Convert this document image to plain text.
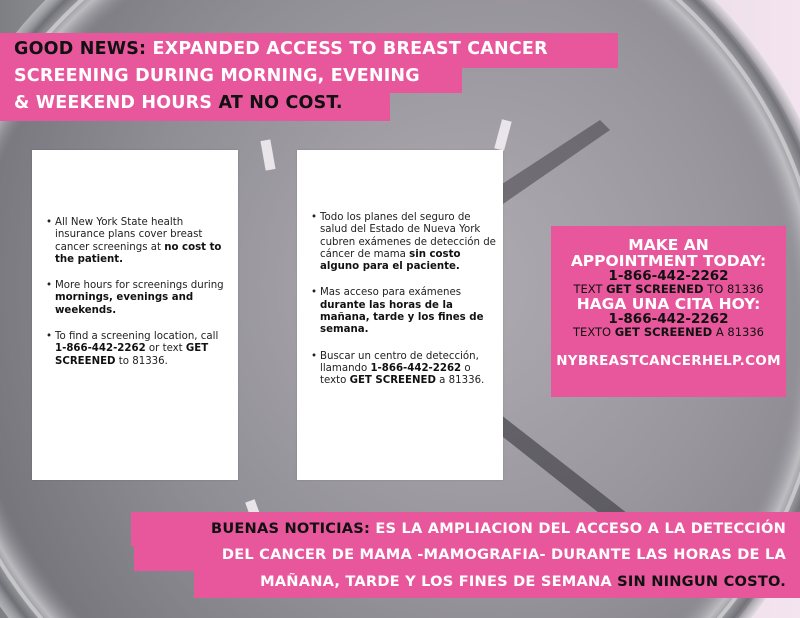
GOOD NEWS: EXPANDED ACCESS TO BREAST CANCER
SCREENING DURING MORNING, EVENING
& WEEKEND HOURS AT NO COST.
• All New York State health insurance plans cover breast cancer screenings at no cost to the patient.
• More hours for screenings during mornings, evenings and weekends.
• To find a screening location, call 1-866-442-2262 or text GET SCREENED to 81336.
• Todo los planes del seguro de salud del Estado de Nueva York cubren exámenes de detección de cáncer de mama sin costo alguno para el paciente.
• Mas acceso para exámenes durante las horas de la mañana, tarde y los fines de semana.
• Buscar un centro de detección, llamando 1-866-442-2262 o texto GET SCREENED a 81336.
MAKE AN
APPOINTMENT TODAY:
1-866-442-2262
TEXT GET SCREENED TO 81336
HAGA UNA CITA HOY:
1-866-442-2262
TEXTO GET SCREENED A 81336
NYBREASTCANCERHELP.COM
BUENAS NOTICIAS: ES LA AMPLIACION DEL ACCESO A LA DETECCIÓN
DEL CANCER DE MAMA -MAMOGRAFIA- DURANTE LAS HORAS DE LA
MAÑANA, TARDE Y LOS FINES DE SEMANA SIN NINGUN COSTO.
